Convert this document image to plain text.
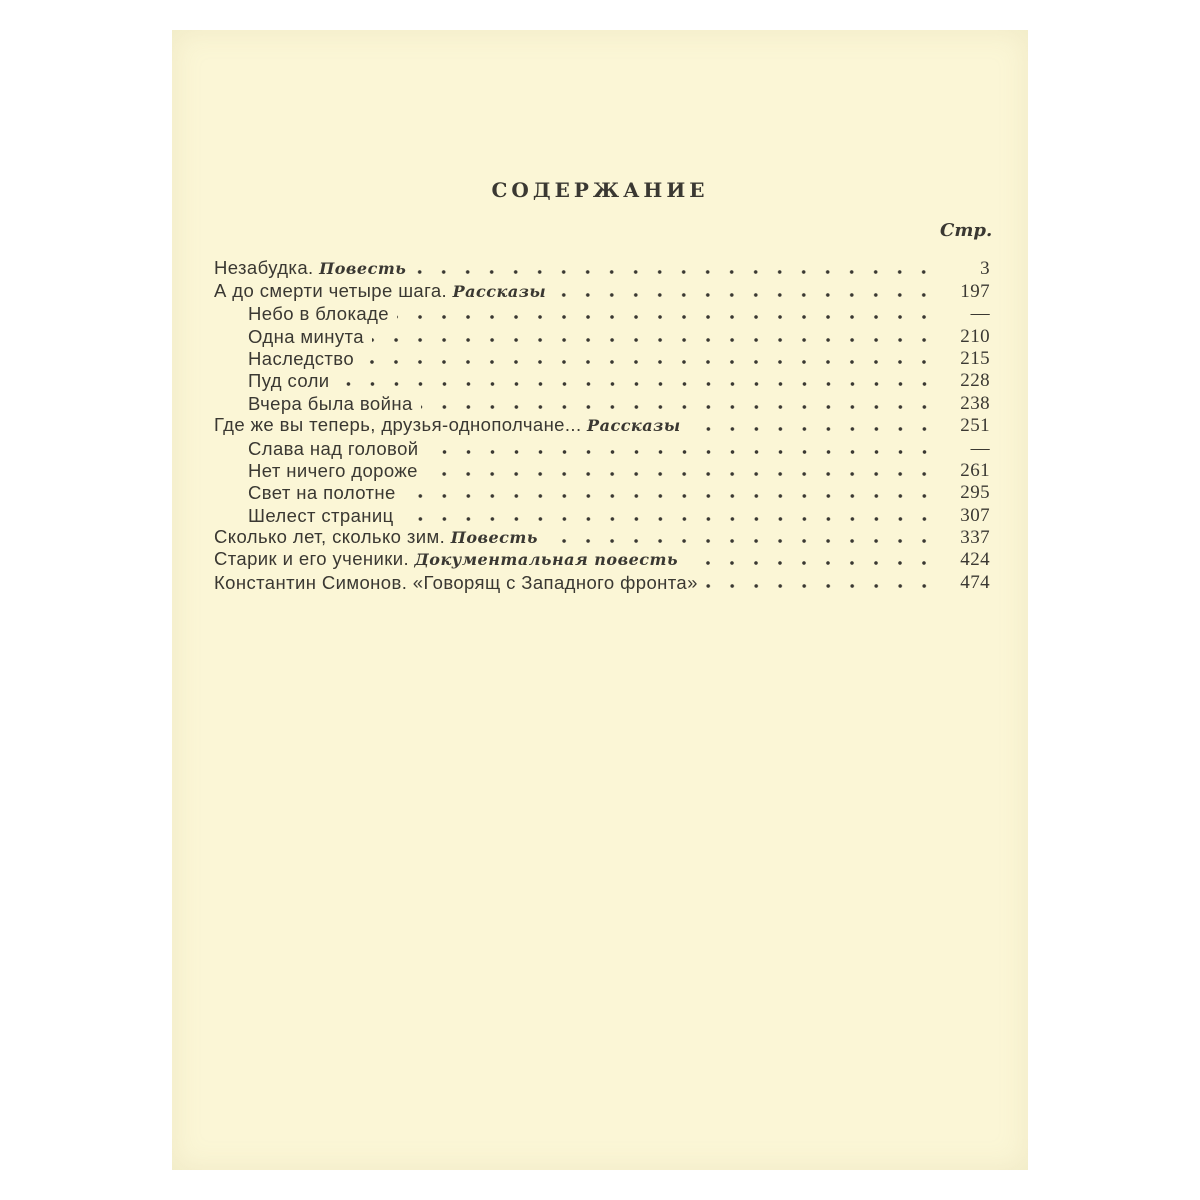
СОДЕРЖАНИЕ
Стр.
Незабудка. Повесть	3
А до смерти четыре шага. Рассказы	197
Небо в блокаде	—
Одна минута	210
Наследство	215
Пуд соли	228
Вчера была война	238
Где же вы теперь, друзья-однополчане... Рассказы	251
Слава над головой	—
Нет ничего дороже	261
Свет на полотне	295
Шелест страниц	307
Сколько лет, сколько зим. Повесть	337
Старик и его ученики. Документальная повесть	424
Константин Симонов. «Говорящ с Западного фронта»	474
